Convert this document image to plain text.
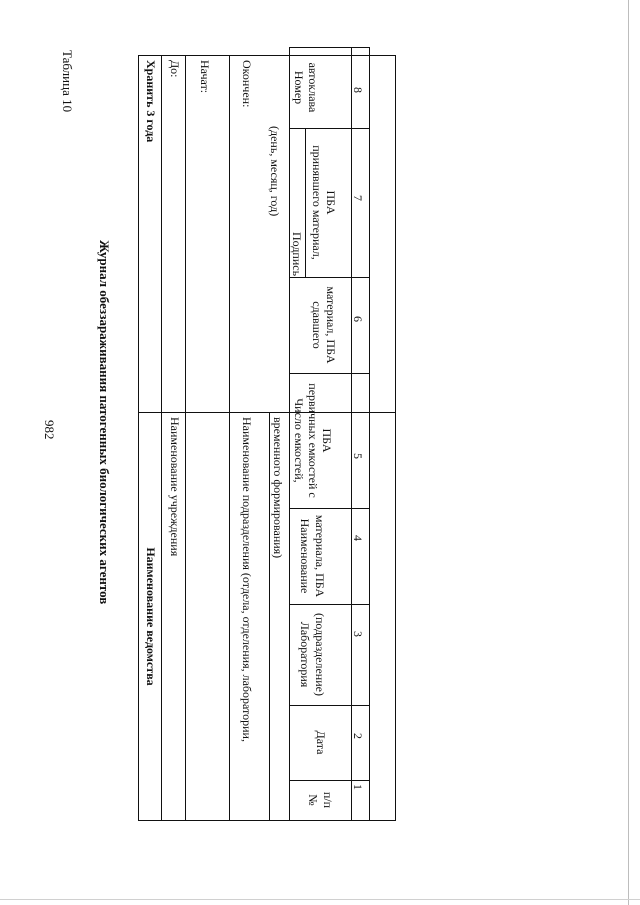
982
Таблица 10
Журнал обеззараживания патогенных биологических агентов
Наименование ведомства
Хранить 3 года
Наименование учреждения
До: Начат:
Наименование подразделения (отдела, отделения, лаборатории, временного формирования)
Окончен:
(день, месяц, год)
№ п/п
1
Дата 2
Лаборатория (подразделение) 3
Наименование материала, ПБА 4
Число емкостей, первичных емкостей с ПБА
5
сдавшего материал, ПБА 6
Подпись принявшего материал, ПБА 7
Номер автоклава	8
